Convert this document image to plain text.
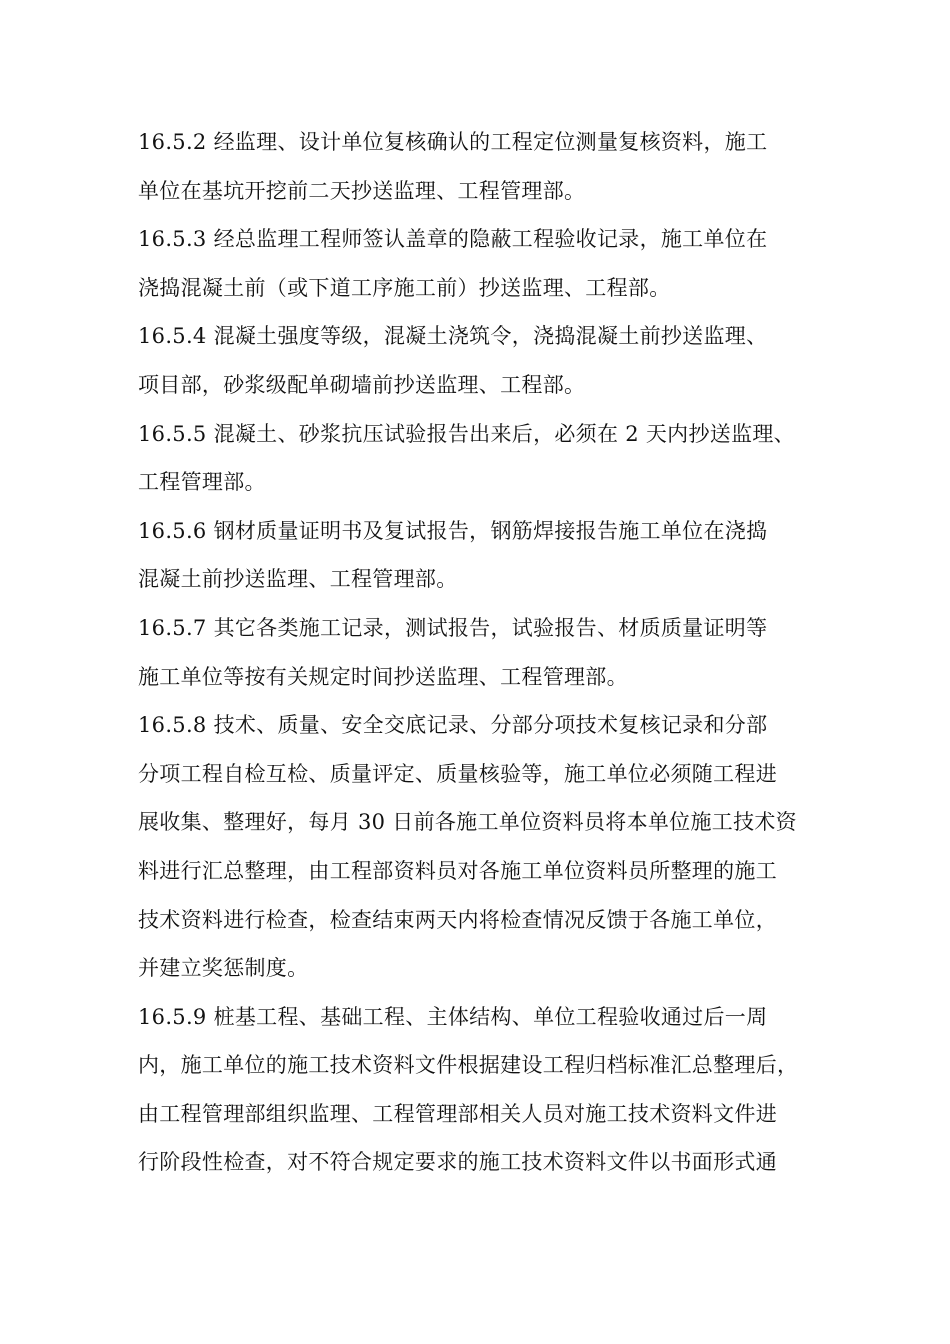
16.5.2 经监理、设计单位复核确认的工程定位测量复核资料，施工
单位在基坑开挖前二天抄送监理、工程管理部。
16.5.3 经总监理工程师签认盖章的隐蔽工程验收记录，施工单位在
浇捣混凝土前（或下道工序施工前）抄送监理、工程部。
16.5.4 混凝土强度等级，混凝土浇筑令，浇捣混凝土前抄送监理、
项目部，砂浆级配单砌墙前抄送监理、工程部。
16.5.5 混凝土、砂浆抗压试验报告出来后，必须在 2 天内抄送监理、
工程管理部。
16.5.6 钢材质量证明书及复试报告，钢筋焊接报告施工单位在浇捣
混凝土前抄送监理、工程管理部。
16.5.7 其它各类施工记录，测试报告，试验报告、材质质量证明等
施工单位等按有关规定时间抄送监理、工程管理部。
16.5.8 技术、质量、安全交底记录、分部分项技术复核记录和分部
分项工程自检互检、质量评定、质量核验等，施工单位必须随工程进
展收集、整理好，每月 30 日前各施工单位资料员将本单位施工技术资
料进行汇总整理，由工程部资料员对各施工单位资料员所整理的施工
技术资料进行检查，检查结束两天内将检查情况反馈于各施工单位，
并建立奖惩制度。
16.5.9 桩基工程、基础工程、主体结构、单位工程验收通过后一周
内，施工单位的施工技术资料文件根据建设工程归档标准汇总整理后，
由工程管理部组织监理、工程管理部相关人员对施工技术资料文件进
行阶段性检查，对不符合规定要求的施工技术资料文件以书面形式通
